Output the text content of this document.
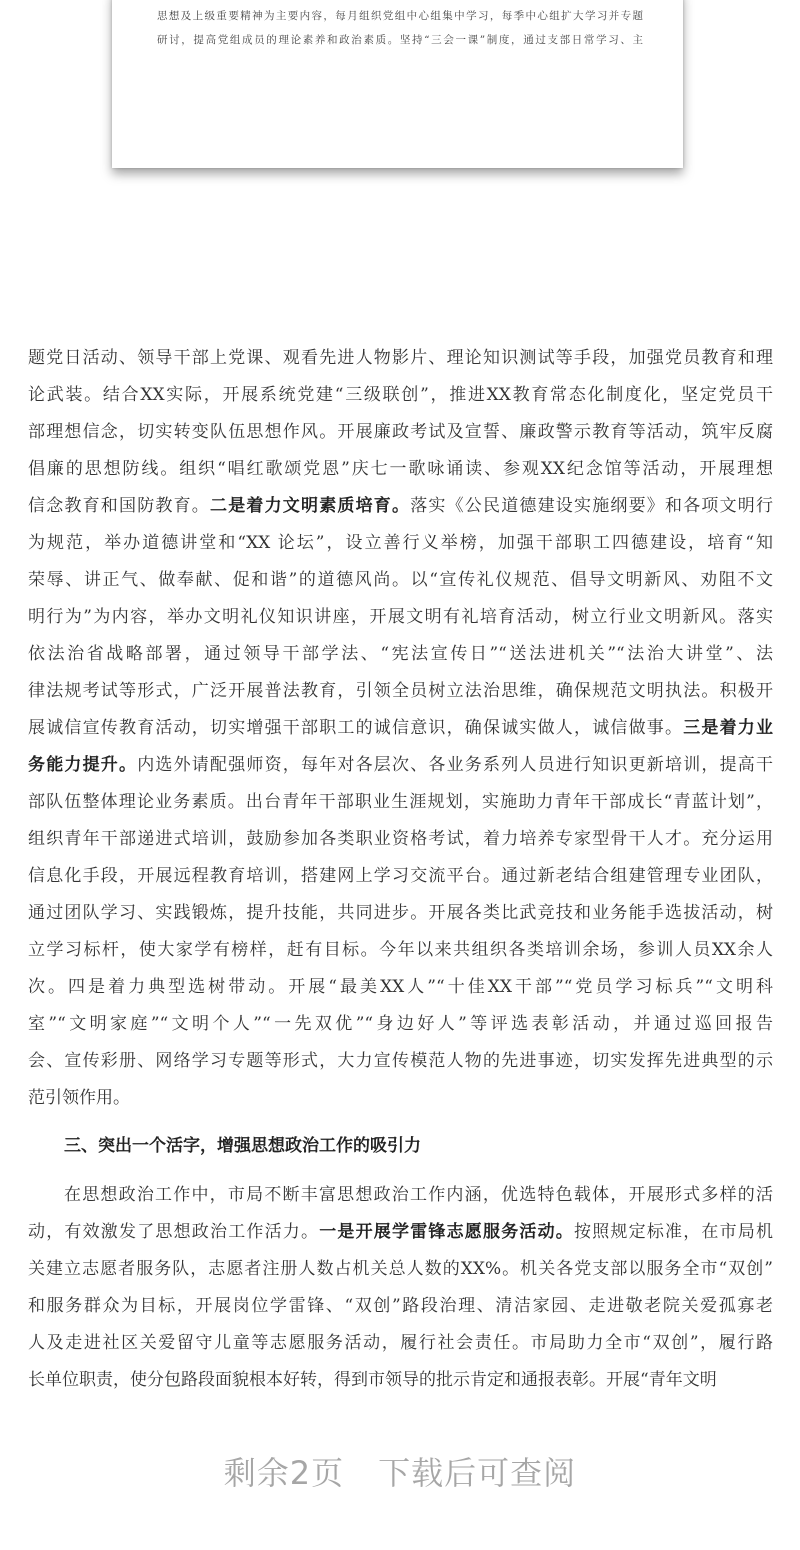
思想及上级重要精神为主要内容，每月组织党组中心组集中学习，每季中心组扩大学习并专题
研讨，提高党组成员的理论素养和政治素质。坚持“三会一课”制度，通过支部日常学习、主
题党日活动、领导干部上党课、观看先进人物影片、理论知识测试等手段，加强党员教育和理
论武装。结合XX实际，开展系统党建“三级联创”，推进XX教育常态化制度化，坚定党员干
部理想信念，切实转变队伍思想作风。开展廉政考试及宣誓、廉政警示教育等活动，筑牢反腐
倡廉的思想防线。组织“唱红歌颂党恩”庆七一歌咏诵读、参观XX纪念馆等活动，开展理想
信念教育和国防教育。二是着力文明素质培育。落实《公民道德建设实施纲要》和各项文明行
为规范，举办道德讲堂和“XX 论坛”，设立善行义举榜，加强干部职工四德建设，培育“知
荣辱、讲正气、做奉献、促和谐”的道德风尚。以“宣传礼仪规范、倡导文明新风、劝阻不文
明行为”为内容，举办文明礼仪知识讲座，开展文明有礼培育活动，树立行业文明新风。落实
依法治省战略部署，通过领导干部学法、“宪法宣传日”“送法进机关”“法治大讲堂”、法
律法规考试等形式，广泛开展普法教育，引领全员树立法治思维，确保规范文明执法。积极开
展诚信宣传教育活动，切实增强干部职工的诚信意识，确保诚实做人，诚信做事。三是着力业
务能力提升。内选外请配强师资，每年对各层次、各业务系列人员进行知识更新培训，提高干
部队伍整体理论业务素质。出台青年干部职业生涯规划，实施助力青年干部成长“青蓝计划”，
组织青年干部递进式培训，鼓励参加各类职业资格考试，着力培养专家型骨干人才。充分运用
信息化手段，开展远程教育培训，搭建网上学习交流平台。通过新老结合组建管理专业团队，
通过团队学习、实践锻炼，提升技能，共同进步。开展各类比武竞技和业务能手选拔活动，树
立学习标杆，使大家学有榜样，赶有目标。今年以来共组织各类培训余场，参训人员XX余人
次。四是着力典型选树带动。开展“最美XX人”“十佳XX干部”“党员学习标兵”“文明科
室”“文明家庭”“文明个人”“一先双优”“身边好人”等评选表彰活动，并通过巡回报告
会、宣传彩册、网络学习专题等形式，大力宣传模范人物的先进事迹，切实发挥先进典型的示
范引领作用。
三、突出一个活字，增强思想政治工作的吸引力
在思想政治工作中，市局不断丰富思想政治工作内涵，优选特色载体，开展形式多样的活
动，有效激发了思想政治工作活力。一是开展学雷锋志愿服务活动。按照规定标准，在市局机
关建立志愿者服务队，志愿者注册人数占机关总人数的XX%。机关各党支部以服务全市“双创”
和服务群众为目标，开展岗位学雷锋、“双创”路段治理、清洁家园、走进敬老院关爱孤寡老
人及走进社区关爱留守儿童等志愿服务活动，履行社会责任。市局助力全市“双创”，履行路
长单位职责，使分包路段面貌根本好转，得到市领导的批示肯定和通报表彰。开展“青年文明
剩余2页 下载后可查阅
